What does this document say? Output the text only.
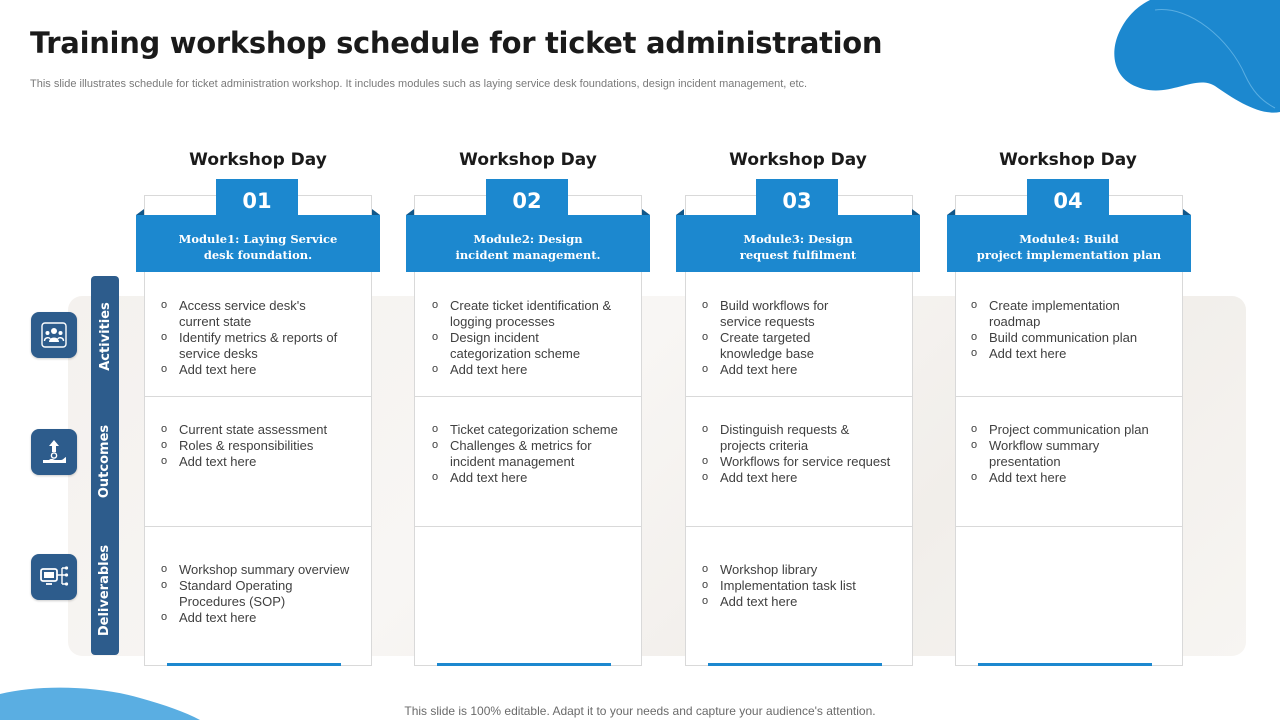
Training workshop schedule for ticket administration
This slide illustrates schedule for ticket administration workshop. It includes modules such as laying service desk foundations, design incident management, etc.
Activities
Outcomes
Deliverables
Workshop Day
Module1: Laying Service
desk foundation.
01
o Access service desk's
current state
o Identify metrics & reports of
service desks
o Add text here
o Current state assessment
o Roles & responsibilities
o Add text here
o Workshop summary overview
o Standard Operating
Procedures (SOP)
o Add text here
Workshop Day
Module2: Design
incident management.
02
o Create ticket identification &
logging processes
o Design incident
categorization scheme
o Add text here
o Ticket categorization scheme
o Challenges & metrics for
incident management
o Add text here
Workshop Day
Module3: Design
request fulfilment
03
o Build workflows for
service requests
o Create targeted
knowledge base
o Add text here
o Distinguish requests &
projects criteria
o Workflows for service request
o Add text here
o Workshop library
o Implementation task list
o Add text here
Workshop Day
Module4: Build
project implementation plan
04
o Create implementation
roadmap
o Build communication plan
o Add text here
o Project communication plan
o Workflow summary
presentation
o Add text here
This slide is 100% editable. Adapt it to your needs and capture your audience's attention.
